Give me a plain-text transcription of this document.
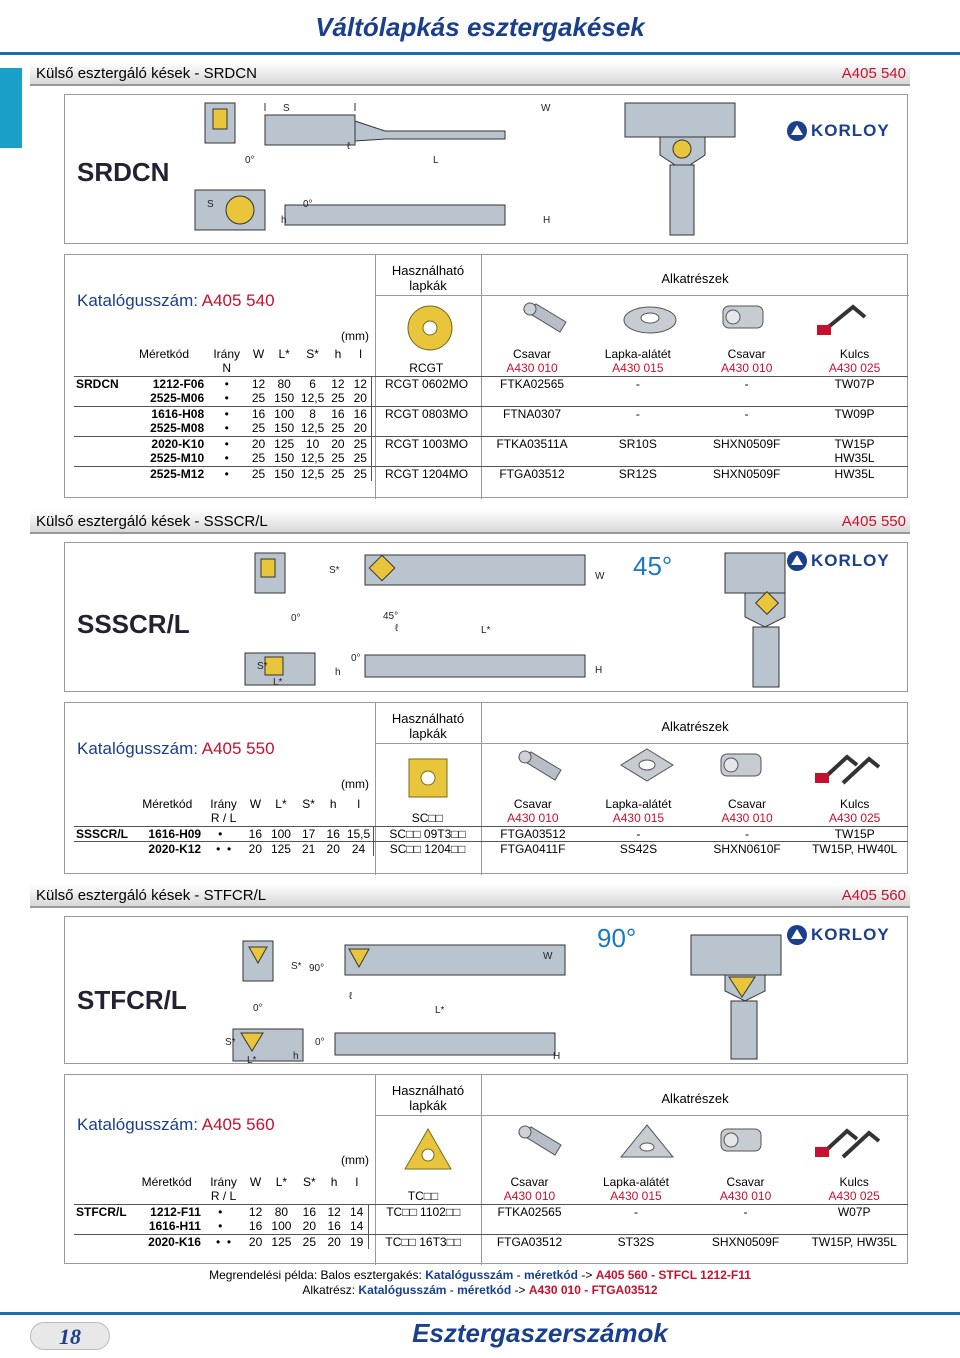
Váltólapkás esztergakések
Külső esztergáló kések - SRDCN	A405 540
SRDCN
S	W
0°
ℓ
L
S	0°
h	H
KORLOY
Katalógusszám: A405 540
Használható lapkák	Alkatrészek
(mm)
	Méretkód	Irány	W	L*	S*	h	l		Csavar	Lapka-alátét	Csavar	Kulcs
		N						RCGT	A430 010	A430 015	A430 010	A430 025
SRDCN	1212-F06	•	12	80	6	12	12	RCGT 0602MO	FTKA02565	-	-	TW07P
	2525-M06	•	25	150	12,5	25	20					
	1616-H08	•	16	100	8	16	16	RCGT 0803MO	FTNA0307	-	-	TW09P
	2525-M08	•	25	150	12,5	25	20					
	2020-K10	•	20	125	10	20	25	RCGT 1003MO	FTKA03511A	SR10S	SHXN0509F	TW15P
	2525-M10	•	25	150	12,5	25	25					HW35L
	2525-M12	•	25	150	12,5	25	25	RCGT 1204MO	FTGA03512	SR12S	SHXN0509F	HW35L
Külső esztergáló kések - SSSCR/L	A405 550
SSSCR/L
S*
W
0°	45°
ℓ	L*
S*
L*
h
0°
H
45°	KORLOY
Katalógusszám: A405 550
Használható lapkák	Alkatrészek
(mm)
	Méretkód	Irány	W	L*	S*	h	l		Csavar	Lapka-alátét	Csavar	Kulcs
		R / L						SC□□	A430 010	A430 015	A430 010	A430 025
SSSCR/L	1616-H09	•	16	100	17	16	15,5	SC□□ 09T3□□	FTGA03512	-	-	TW15P
	2020-K12	• •	20	125	21	20	24	SC□□ 1204□□	FTGA0411F	SS42S	SHXN0610F	TW15P, HW40L
Külső esztergáló kések - STFCR/L	A405 560
STFCR/L
S* 90°
W
0°
ℓ
L*
S*
L*	h
0°
H
90°	KORLOY
Katalógusszám: A405 560
Használható lapkák	Alkatrészek
(mm)
	Méretkód	Irány	W	L*	S*	h	l		Csavar	Lapka-alátét	Csavar	Kulcs
		R / L						TC□□	A430 010	A430 015	A430 010	A430 025
STFCR/L	1212-F11	•	12	80	16	12	14	TC□□ 1102□□	FTKA02565	-	-	W07P
	1616-H11	•	16	100	20	16	14					
	2020-K16	• •	20	125	25	20	19	TC□□ 16T3□□	FTGA03512	ST32S	SHXN0509F	TW15P, HW35L
Megrendelési példa: Balos esztergakés: Katalógusszám - méretkód -> A405 560 - STFCL 1212-F11
Alkatrész: Katalógusszám - méretkód -> A430 010 - FTGA03512
18	Esztergaszerszámok
